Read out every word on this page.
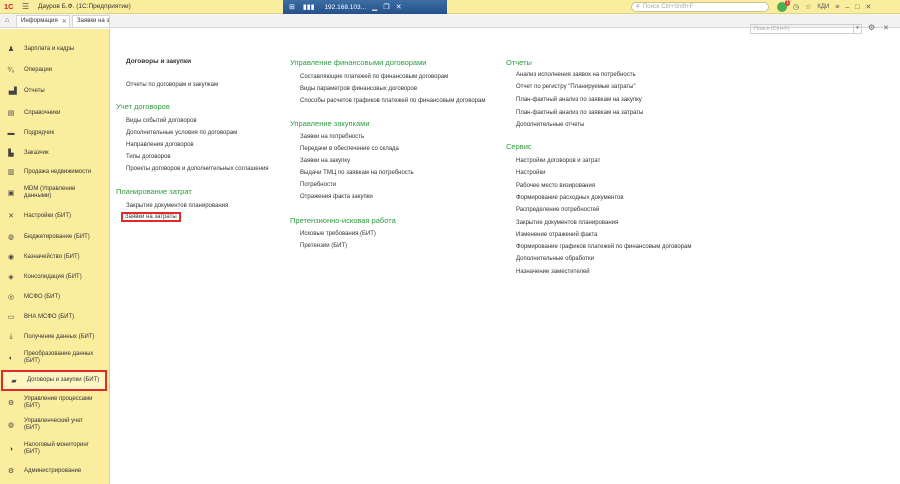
1С	☰	Дауров Б.Ф. (1С:Предприятие)	⊞ ▮▮▮ 192.168.103... ▁ ❐ ✕	⌕ Поиск Ctrl+Shift+F
1
◷ ☆ КДИ ≡ – □ ✕
⌂	Информация ✕ Заявки на з
♟	Зарплата и кадры
⁰⁄₀ Операции
▗▟ Отчеты
▤ Справочники
▬ Подрядчик
▙	Заказчик
▥ Продажа недвижимости
▣
MDM (Управление данными)
✕	Настройки (БИТ)
◍	Бюджетирование (БИТ)
◉	Казначейство (БИТ)
◈	Консолидация (БИТ)
◎	МСФО (БИТ)
▭ ВНА МСФО (БИТ)
⤓	Получение данных (БИТ)
◐
Преобразование данных (БИТ)
▰	Договоры и закупки (БИТ)
⚙
Управление процессами (БИТ)
◍
Управленческий учет (БИТ)
◑
Налоговый мониторинг (БИТ)
⚙	Администрирование
Поиск (Ctrl+F)	▾	⚙ ✕
Договоры и закупки
Отчеты по договорам и закупкам
Учет договоров
Виды событий договоров
Дополнительные условия по договорам
Направления договоров
Типы договоров
Проекты договоров и дополнительных соглашения
Планирование затрат
Закрытие документов планирования
Заявки на затраты
Управление финансовыми договорами
Составляющие платежей по финансовым договорам
Виды параметров финансовых договоров
Способы расчетов графиков платежей по финансовым договорам
Управление закупками
Заявки на потребность
Передачи в обеспечение со склада
Заявки на закупку
Выдачи ТМЦ по заявкам на потребность
Потребности
Отражения факта закупки
Претензионно-исковая работа
Исковые требования (БИТ)
Претензии (БИТ)
Отчеты
Анализ исполнения заявок на потребность
Отчет по регистру "Планируемые затраты"
План-фактный анализ по заявкам на закупку
План-фактный анализ по заявкам на затраты
Дополнительные отчеты
Сервис
Настройки договоров и затрат
Настройки
Рабочее место визирования
Формирование расходных документов
Распределение потребностей
Закрытие документов планирования
Изменение отражений факта
Формирование графиков платежей по финансовым договорам
Дополнительные обработки
Назначение заместителей
